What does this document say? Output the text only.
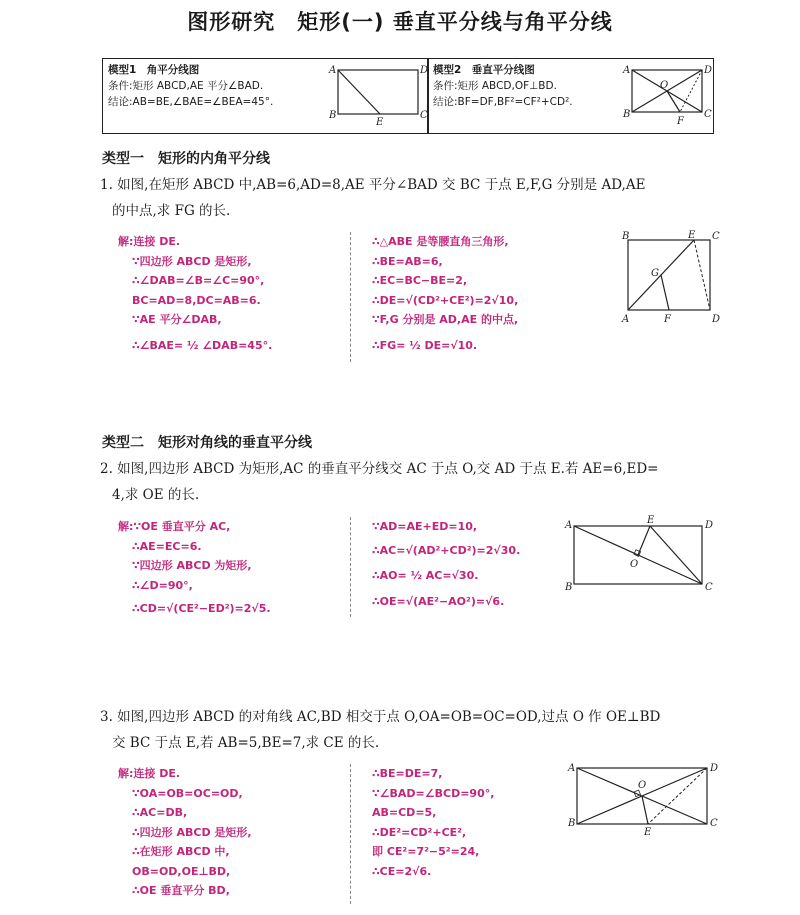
图形研究　矩形(一) 垂直平分线与角平分线
模型1　角平分线图
条件:矩形 ABCD,AE 平分∠BAD.
结论:AB=BE,∠BAE=∠BEA=45°.
A	D
B	C
E
模型2　垂直平分线图
条件:矩形 ABCD,OF⊥BD.
结论:BF=DF,BF²=CF²+CD².
A	D
B	C
O
F
类型一　矩形的内角平分线
1. 如图,在矩形 ABCD 中,AB=6,AD=8,AE 平分∠BAD 交 BC 于点 E,F,G 分别是 AD,AE
的中点,求 FG 的长.
解:连接 DE.
∵四边形 ABCD 是矩形,
∴∠DAB=∠B=∠C=90°,
BC=AD=8,DC=AB=6.
∵AE 平分∠DAB,
∴∠BAE= ½ ∠DAB=45°.
∴△ABE 是等腰直角三角形,
∴BE=AB=6,
∴EC=BC−BE=2,
∴DE=√(CD²+CE²)=2√10,
∵F,G 分别是 AD,AE 的中点,
∴FG= ½ DE=√10.
B	E C
G
A	F	D
类型二　矩形对角线的垂直平分线
2. 如图,四边形 ABCD 为矩形,AC 的垂直平分线交 AC 于点 O,交 AD 于点 E.若 AE=6,ED=
4,求 OE 的长.
解:∵OE 垂直平分 AC,
∴AE=EC=6.
∵四边形 ABCD 为矩形,
∴∠D=90°,
∴CD=√(CE²−ED²)=2√5.
∵AD=AE+ED=10,
∴AC=√(AD²+CD²)=2√30.
∴AO= ½ AC=√30.
∴OE=√(AE²−AO²)=√6.
A	E	D
O
B	C
3. 如图,四边形 ABCD 的对角线 AC,BD 相交于点 O,OA=OB=OC=OD,过点 O 作 OE⊥BD
交 BC 于点 E,若 AB=5,BE=7,求 CE 的长.
解:连接 DE.
∵OA=OB=OC=OD,
∴AC=DB,
∴四边形 ABCD 是矩形,
∴在矩形 ABCD 中,
OB=OD,OE⊥BD,
∴OE 垂直平分 BD,
∴BE=DE=7,
∵∠BAD=∠BCD=90°,
AB=CD=5,
∴DE²=CD²+CE²,
即 CE²=7²−5²=24,
∴CE=2√6.
A
O
D
B
E
C
